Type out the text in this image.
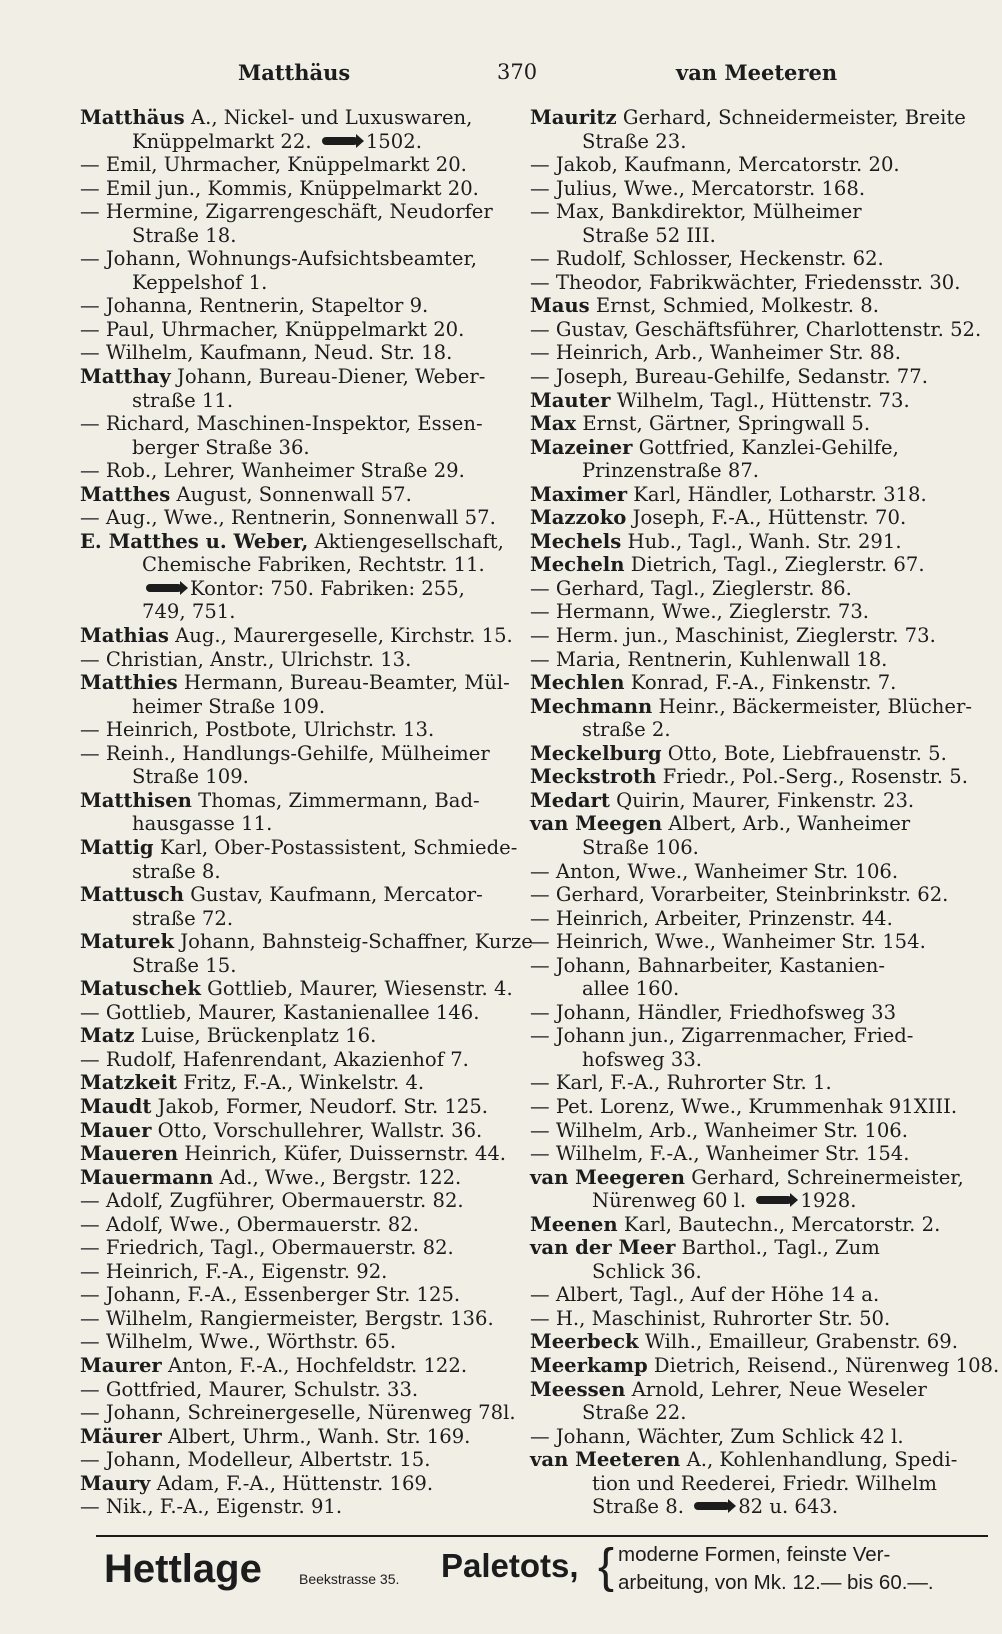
Matthäus	370	van Meeteren
Matthäus A., Nickel- und Luxuswaren,
Knüppelmarkt 22.	1502.
— Emil, Uhrmacher, Knüppelmarkt 20.
— Emil jun., Kommis, Knüppelmarkt 20.
— Hermine, Zigarrengeschäft, Neudorfer
Straße 18.
— Johann, Wohnungs-Aufsichtsbeamter,
Keppelshof 1.
— Johanna, Rentnerin, Stapeltor 9.
— Paul, Uhrmacher, Knüppelmarkt 20.
— Wilhelm, Kaufmann, Neud. Str. 18.
Matthay Johann, Bureau-Diener, Weber-
straße 11.
— Richard, Maschinen-Inspektor, Essen-
berger Straße 36.
— Rob., Lehrer, Wanheimer Straße 29.
Matthes August, Sonnenwall 57.
— Aug., Wwe., Rentnerin, Sonnenwall 57.
E. Matthes u. Weber, Aktiengesellschaft,
Chemische Fabriken, Rechtstr. 11.
Kontor: 750. Fabriken: 255,
749, 751.
Mathias Aug., Maurergeselle, Kirchstr. 15.
— Christian, Anstr., Ulrichstr. 13.
Matthies Hermann, Bureau-Beamter, Mül-
heimer Straße 109.
— Heinrich, Postbote, Ulrichstr. 13.
— Reinh., Handlungs-Gehilfe, Mülheimer
Straße 109.
Matthisen Thomas, Zimmermann, Bad-
hausgasse 11.
Mattig Karl, Ober-Postassistent, Schmiede-
straße 8.
Mattusch Gustav, Kaufmann, Mercator-
straße 72.
Maturek Johann, Bahnsteig-Schaffner, Kurze
Straße 15.
Matuschek Gottlieb, Maurer, Wiesenstr. 4.
— Gottlieb, Maurer, Kastanienallee 146.
Matz Luise, Brückenplatz 16.
— Rudolf, Hafenrendant, Akazienhof 7.
Matzkeit Fritz, F.-A., Winkelstr. 4.
Maudt Jakob, Former, Neudorf. Str. 125.
Mauer Otto, Vorschullehrer, Wallstr. 36.
Maueren Heinrich, Küfer, Duissernstr. 44.
Mauermann Ad., Wwe., Bergstr. 122.
— Adolf, Zugführer, Obermauerstr. 82.
— Adolf, Wwe., Obermauerstr. 82.
— Friedrich, Tagl., Obermauerstr. 82.
— Heinrich, F.-A., Eigenstr. 92.
— Johann, F.-A., Essenberger Str. 125.
— Wilhelm, Rangiermeister, Bergstr. 136.
— Wilhelm, Wwe., Wörthstr. 65.
Maurer Anton, F.-A., Hochfeldstr. 122.
— Gottfried, Maurer, Schulstr. 33.
— Johann, Schreinergeselle, Nürenweg 78l.
Mäurer Albert, Uhrm., Wanh. Str. 169.
— Johann, Modelleur, Albertstr. 15.
Maury Adam, F.-A., Hüttenstr. 169.
— Nik., F.-A., Eigenstr. 91.
Mauritz Gerhard, Schneidermeister, Breite
Straße 23.
— Jakob, Kaufmann, Mercatorstr. 20.
— Julius, Wwe., Mercatorstr. 168.
— Max, Bankdirektor, Mülheimer
Straße 52 III.
— Rudolf, Schlosser, Heckenstr. 62.
— Theodor, Fabrikwächter, Friedensstr. 30.
Maus Ernst, Schmied, Molkestr. 8.
— Gustav, Geschäftsführer, Charlottenstr. 52.
— Heinrich, Arb., Wanheimer Str. 88.
— Joseph, Bureau-Gehilfe, Sedanstr. 77.
Mauter Wilhelm, Tagl., Hüttenstr. 73.
Max Ernst, Gärtner, Springwall 5.
Mazeiner Gottfried, Kanzlei-Gehilfe,
Prinzenstraße 87.
Maximer Karl, Händler, Lotharstr. 318.
Mazzoko Joseph, F.-A., Hüttenstr. 70.
Mechels Hub., Tagl., Wanh. Str. 291.
Mecheln Dietrich, Tagl., Zieglerstr. 67.
— Gerhard, Tagl., Zieglerstr. 86.
— Hermann, Wwe., Zieglerstr. 73.
— Herm. jun., Maschinist, Zieglerstr. 73.
— Maria, Rentnerin, Kuhlenwall 18.
Mechlen Konrad, F.-A., Finkenstr. 7.
Mechmann Heinr., Bäckermeister, Blücher-
straße 2.
Meckelburg Otto, Bote, Liebfrauenstr. 5.
Meckstroth Friedr., Pol.-Serg., Rosenstr. 5.
Medart Quirin, Maurer, Finkenstr. 23.
van Meegen Albert, Arb., Wanheimer
Straße 106.
— Anton, Wwe., Wanheimer Str. 106.
— Gerhard, Vorarbeiter, Steinbrinkstr. 62.
— Heinrich, Arbeiter, Prinzenstr. 44.
— Heinrich, Wwe., Wanheimer Str. 154.
— Johann, Bahnarbeiter, Kastanien-
allee 160.
— Johann, Händler, Friedhofsweg 33
— Johann jun., Zigarrenmacher, Fried-
hofsweg 33.
— Karl, F.-A., Ruhrorter Str. 1.
— Pet. Lorenz, Wwe., Krummenhak 91XIII.
— Wilhelm, Arb., Wanheimer Str. 106.
— Wilhelm, F.-A., Wanheimer Str. 154.
van Meegeren Gerhard, Schreinermeister,
Nürenweg 60 l.	1928.
Meenen Karl, Bautechn., Mercatorstr. 2.
van der Meer Barthol., Tagl., Zum
Schlick 36.
— Albert, Tagl., Auf der Höhe 14 a.
— H., Maschinist, Ruhrorter Str. 50.
Meerbeck Wilh., Emailleur, Grabenstr. 69.
Meerkamp Dietrich, Reisend., Nürenweg 108.
Meessen Arnold, Lehrer, Neue Weseler
Straße 22.
— Johann, Wächter, Zum Schlick 42 l.
van Meeteren A., Kohlenhandlung, Spedi-
tion und Reederei, Friedr. Wilhelm
Straße 8.	82 u. 643.
Hettlage	Beekstrasse 35. Paletots, { moderne Formen, feinste Ver-
arbeitung, von Mk. 12.— bis 60.—.
